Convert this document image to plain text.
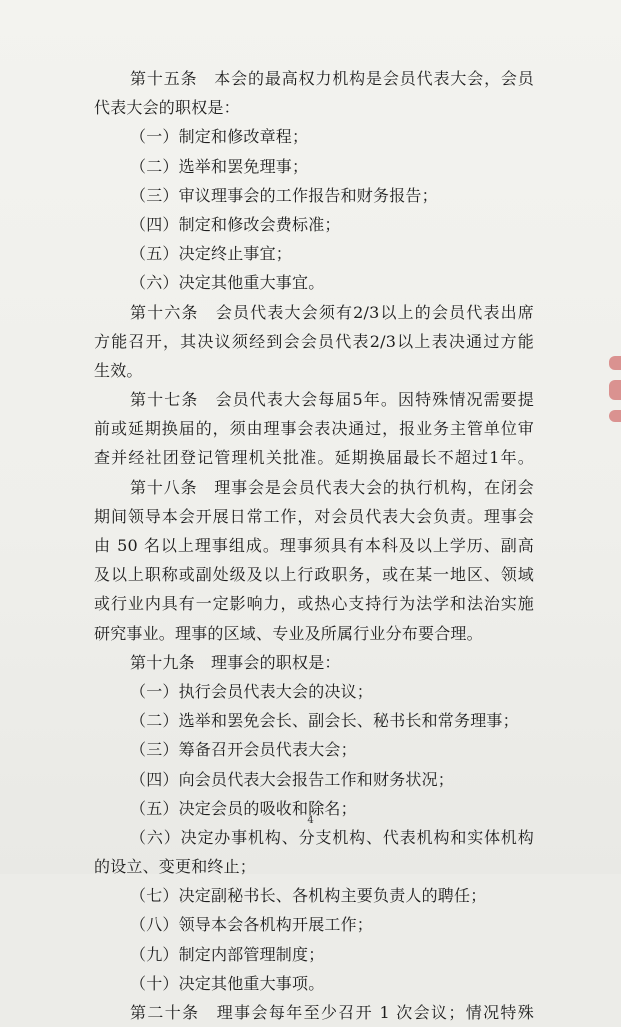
第十五条　本会的最高权力机构是会员代表大会，会员
代表大会的职权是：
（一）制定和修改章程；
（二）选举和罢免理事；
（三）审议理事会的工作报告和财务报告；
（四）制定和修改会费标准；
（五）决定终止事宜；
（六）决定其他重大事宜。
第十六条　会员代表大会须有2/3以上的会员代表出席
方能召开，其决议须经到会会员代表2/3以上表决通过方能
生效。
第十七条　会员代表大会每届5年。因特殊情况需要提
前或延期换届的，须由理事会表决通过，报业务主管单位审
查并经社团登记管理机关批准。延期换届最长不超过1年。
第十八条　理事会是会员代表大会的执行机构，在闭会
期间领导本会开展日常工作，对会员代表大会负责。理事会
由 50 名以上理事组成。理事须具有本科及以上学历、副高
及以上职称或副处级及以上行政职务，或在某一地区、领域
或行业内具有一定影响力，或热心支持行为法学和法治实施
研究事业。理事的区域、专业及所属行业分布要合理。
第十九条　理事会的职权是：
（一）执行会员代表大会的决议；
（二）选举和罢免会长、副会长、秘书长和常务理事；
（三）筹备召开会员代表大会；
（四）向会员代表大会报告工作和财务状况；
（五）决定会员的吸收和除名；
（六）决定办事机构、分支机构、代表机构和实体机构
的设立、变更和终止；
（七）决定副秘书长、各机构主要负责人的聘任；
（八）领导本会各机构开展工作；
（九）制定内部管理制度；
（十）决定其他重大事项。
第二十条　理事会每年至少召开 1 次会议；情况特殊
4
